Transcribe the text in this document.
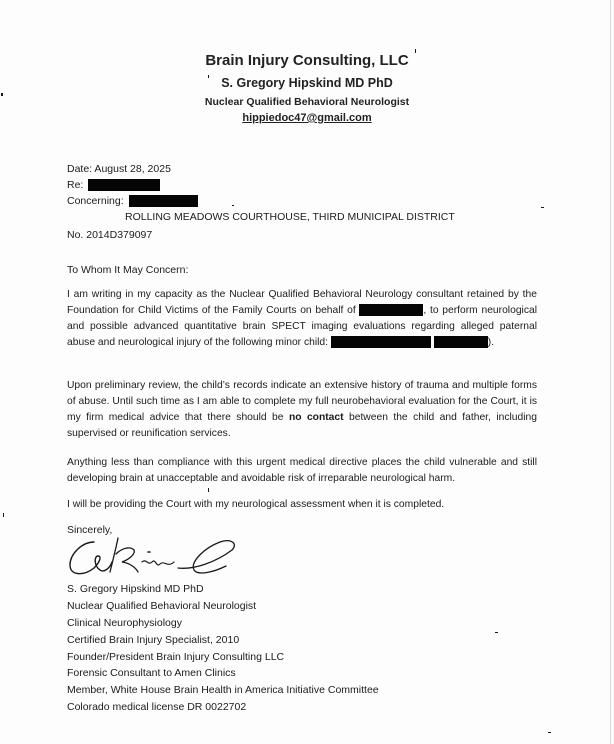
Brain Injury Consulting, LLC
S. Gregory Hipskind MD PhD
Nuclear Qualified Behavioral Neurologist
hippiedoc47@gmail.com
Date: August 28, 2025
Re:
Concerning:
ROLLING MEADOWS COURTHOUSE, THIRD MUNICIPAL DISTRICT
No. 2014D379097
To Whom It May Concern:

I am writing in my capacity as the Nuclear Qualified Behavioral Neurology consultant retained by the Foundation for Child Victims of the Family Courts on behalf of	, to perform neurological and possible advanced quantitative brain SPECT imaging evaluations regarding alleged paternal abuse and neurological injury of the following minor child:	).

Upon preliminary review, the child’s records indicate an extensive history of trauma and multiple forms of abuse. Until such time as I am able to complete my full neurobehavioral evaluation for the Court, it is my firm medical advice that there should be no contact between the child and father, including supervised or reunification services.

Anything less than compliance with this urgent medical directive places the child vulnerable and still developing brain at unacceptable and avoidable risk of irreparable neurological harm.

I will be providing the Court with my neurological assessment when it is completed.

Sincerely,
S. Gregory Hipskind MD PhD
Nuclear Qualified Behavioral Neurologist
Clinical Neurophysiology
Certified Brain Injury Specialist, 2010
Founder/President Brain Injury Consulting LLC
Forensic Consultant to Amen Clinics
Member, White House Brain Health in America Initiative Committee
Colorado medical license DR 0022702
